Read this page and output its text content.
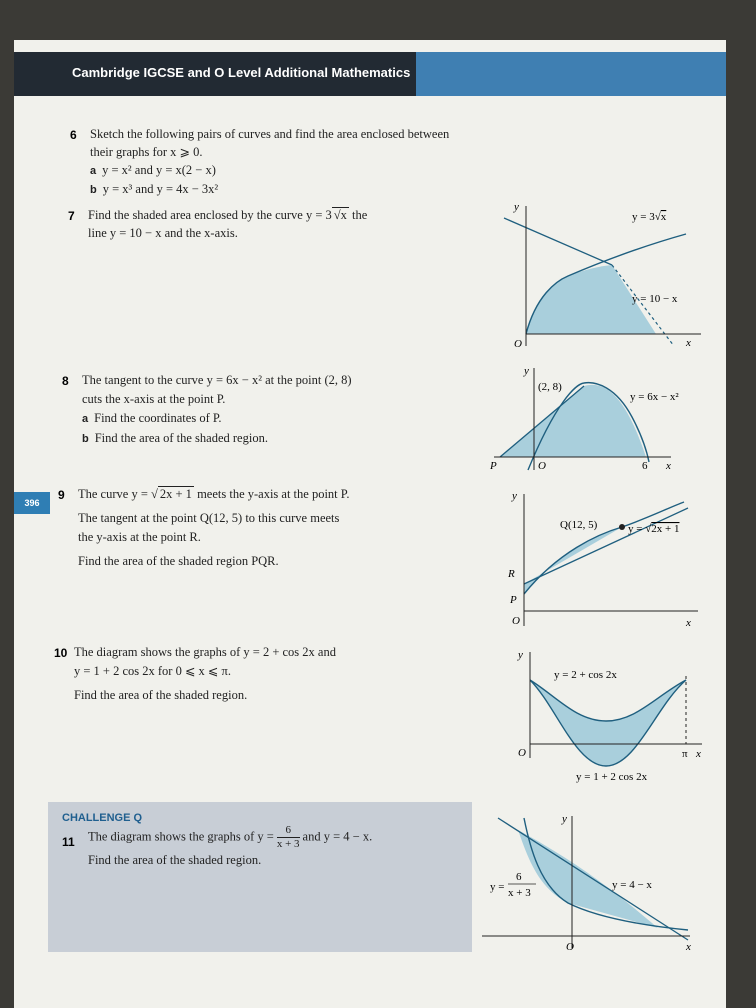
Cambridge IGCSE and O Level Additional Mathematics
396
6 Sketch the following pairs of curves and find the area enclosed between
their graphs for x ⩾ 0.
a y = x² and y = x(2 − x)
b y = x³ and y = 4x − 3x²
7 Find the shaded area enclosed by the curve y = 3 √x the
line y = 10 − x and the x-axis.
8 The tangent to the curve y = 6x − x² at the point (2, 8)
cuts the x-axis at the point P.
a Find the coordinates of P.
b Find the area of the shaded region.
9 The curve y = √ 2x + 1 meets the y-axis at the point P.
The tangent at the point Q(12, 5) to this curve meets
the y-axis at the point R.
Find the area of the shaded region PQR.
10 The diagram shows the graphs of y = 2 + cos 2x and
y = 1 + 2 cos 2x for 0 ⩽ x ⩽ π.
Find the area of the shaded region.
CHALLENGE Q
11 The diagram shows the graphs of $y = \frac{6}{x + 3}$ and y = 4 − x.
Find the area of the shaded region.
y
O	x
y = 3√x
y = 10 − x
y
(2, 8)
y = 6x − x²
P	O	6 x
y
Q(12, 5)	y = √2x + 1
R
P
O	x
y
y = 2 + cos 2x
O	π x
y = 1 + 2 cos 2x
y
y =
6
x + 3
y = 4 − x
O	x
